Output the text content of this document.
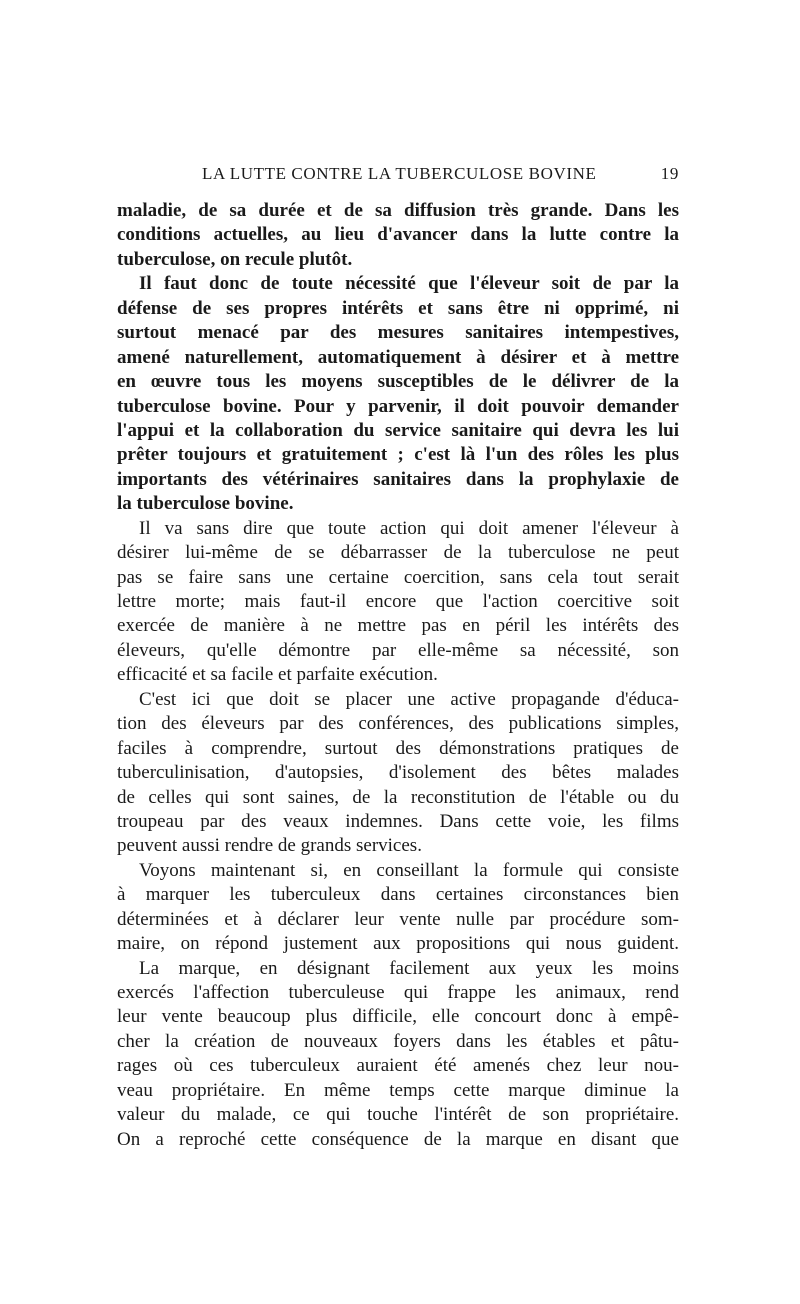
LA LUTTE CONTRE LA TUBERCULOSE BOVINE	19
maladie, de sa durée et de sa diffusion très grande. Dans les
conditions actuelles, au lieu d'avancer dans la lutte contre la
tuberculose, on recule plutôt.
Il faut donc de toute nécessité que l'éleveur soit de par la
défense de ses propres intérêts et sans être ni opprimé, ni
surtout menacé par des mesures sanitaires intempestives,
amené naturellement, automatiquement à désirer et à mettre
en œuvre tous les moyens susceptibles de le délivrer de la
tuberculose bovine. Pour y parvenir, il doit pouvoir demander
l'appui et la collaboration du service sanitaire qui devra les lui
prêter toujours et gratuitement ; c'est là l'un des rôles les plus
importants des vétérinaires sanitaires dans la prophylaxie de
la tuberculose bovine.
Il va sans dire que toute action qui doit amener l'éleveur à
désirer lui-même de se débarrasser de la tuberculose ne peut
pas se faire sans une certaine coercition, sans cela tout serait
lettre morte; mais faut-il encore que l'action coercitive soit
exercée de manière à ne mettre pas en péril les intérêts des
éleveurs, qu'elle démontre par elle-même sa nécessité, son
efficacité et sa facile et parfaite exécution.
C'est ici que doit se placer une active propagande d'éduca-
tion des éleveurs par des conférences, des publications simples,
faciles à comprendre, surtout des démonstrations pratiques de
tuberculinisation, d'autopsies, d'isolement des bêtes malades
de celles qui sont saines, de la reconstitution de l'étable ou du
troupeau par des veaux indemnes. Dans cette voie, les films
peuvent aussi rendre de grands services.
Voyons maintenant si, en conseillant la formule qui consiste
à marquer les tuberculeux dans certaines circonstances bien
déterminées et à déclarer leur vente nulle par procédure som-
maire, on répond justement aux propositions qui nous guident.
La marque, en désignant facilement aux yeux les moins
exercés l'affection tuberculeuse qui frappe les animaux, rend
leur vente beaucoup plus difficile, elle concourt donc à empê-
cher la création de nouveaux foyers dans les étables et pâtu-
rages où ces tuberculeux auraient été amenés chez leur nou-
veau propriétaire. En même temps cette marque diminue la
valeur du malade, ce qui touche l'intérêt de son propriétaire.
On a reproché cette conséquence de la marque en disant que
